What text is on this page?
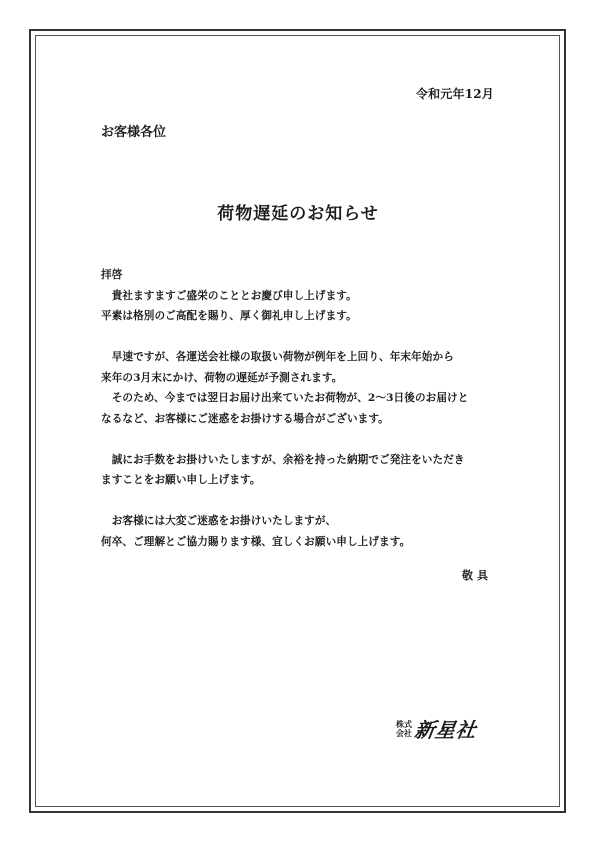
令和元年12月
お客様各位
荷物遅延のお知らせ

拝啓

　貴社ますますご盛栄のこととお慶び申し上げます。

平素は格別のご高配を賜り、厚く御礼申し上げます。

　早速ですが、各運送会社様の取扱い荷物が例年を上回り、年末年始から

来年の3月末にかけ、荷物の遅延が予測されます。

　そのため、今までは翌日お届け出来ていたお荷物が、2～3日後のお届けと

なるなど、お客様にご迷惑をお掛けする場合がございます。

　誠にお手数をお掛けいたしますが、余裕を持った納期でご発注をいただき

ますことをお願い申し上げます。

　お客様には大変ご迷惑をお掛けいたしますが、

何卒、ご理解とご協力賜ります様、宜しくお願い申し上げます。

敬具
株式
会社 新星社
